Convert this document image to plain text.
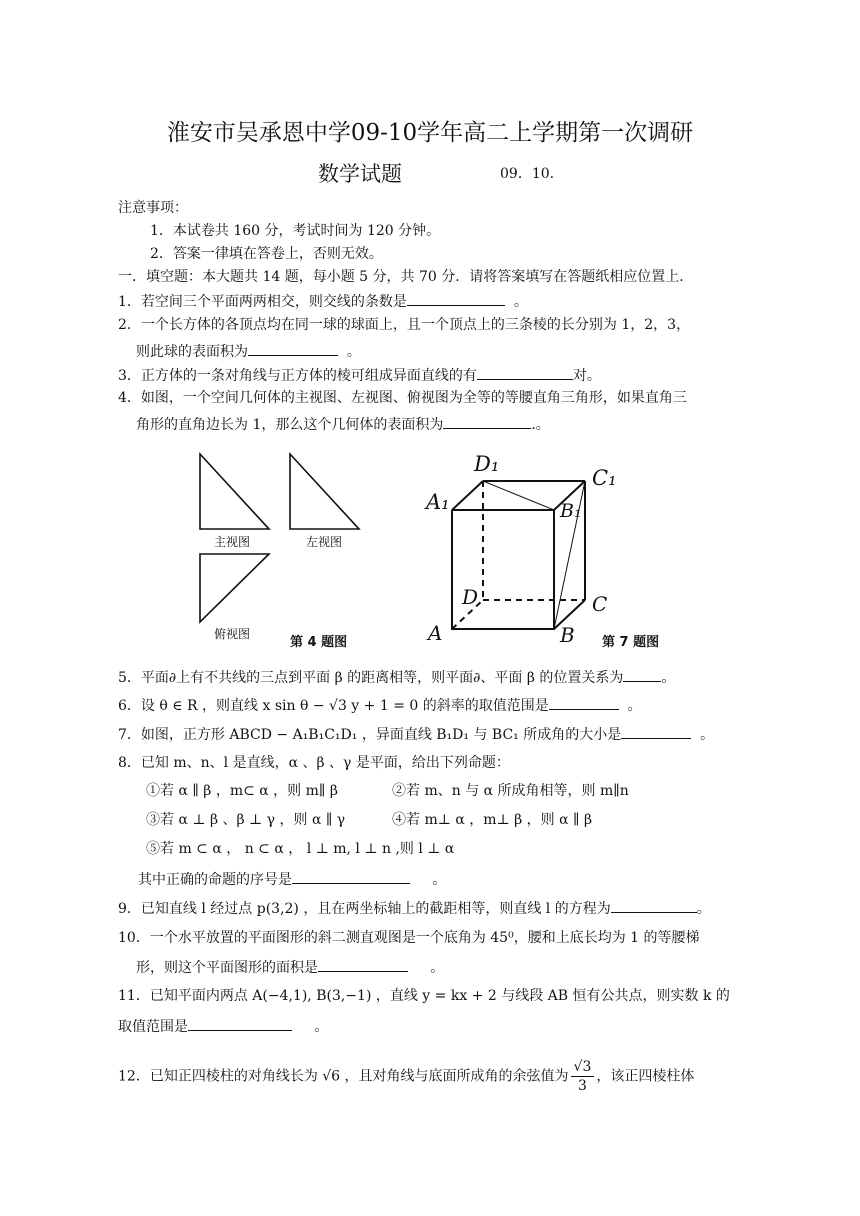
淮安市吴承恩中学09-10学年高二上学期第一次调研
数学试题	09．10.
注意事项：
1．本试卷共 160 分，考试时间为 120 分钟。
2．答案一律填在答卷上，否则无效。
一．填空题：本大题共 14 题，每小题 5 分，共 70 分．请将答案填写在答题纸相应位置上．
1．若空间三个平面两两相交，则交线的条数是	。
2．一个长方体的各顶点均在同一球的球面上，且一个顶点上的三条棱的长分别为 1，2，3，
则此球的表面积为	。
3．正方体的一条对角线与正方体的棱可组成异面直线的有	对。
4．如图，一个空间几何体的主视图、左视图、俯视图为全等的等腰直角三角形，如果直角三
角形的直角边长为 1，那么这个几何体的表面积为	.。
主视图	左视图
俯视图
第 4 题图
D₁
C₁
A₁	B₁
D	C
A	B 第 7 题图
5．平面∂上有不共线的三点到平面 β 的距离相等，则平面∂、平面 β 的位置关系为	。
6．设 θ ∈ R ，则直线 x sin θ − √3 y + 1 = 0 的斜率的取值范围是	。
7．如图，正方形 ABCD − A₁B₁C₁D₁ ，异面直线 B₁D₁ 与 BC₁ 所成角的大小是	。
8．已知 m、n、l 是直线，α 、β 、γ 是平面，给出下列命题：
①若 α ∥ β ，m⊂ α ，则 m∥ β	②若 m、n 与 α 所成角相等，则 m∥n
③若 α ⊥ β 、β ⊥ γ ，则 α ∥ γ	④若 m⊥ α ，m⊥ β ，则 α ∥ β
⑤若 m ⊂ α ， n ⊂ α ， l ⊥ m, l ⊥ n ,则 l ⊥ α
其中正确的命题的序号是	。
9．已知直线 l 经过点 p(3,2) ，且在两坐标轴上的截距相等，则直线 l 的方程为	。
10．一个水平放置的平面图形的斜二测直观图是一个底角为 45⁰，腰和上底长均为 1 的等腰梯
形，则这个平面图形的面积是	。
11．已知平面内两点 A(−4,1), B(3,−1) ，直线 y = kx + 2 与线段 AB 恒有公共点，则实数 k 的
取值范围是	。
12．已知正四棱柱的对角线长为 √6 ，且对角线与底面所成角的余弦值为 $\frac{√3}{3}$ ，该正四棱柱体
